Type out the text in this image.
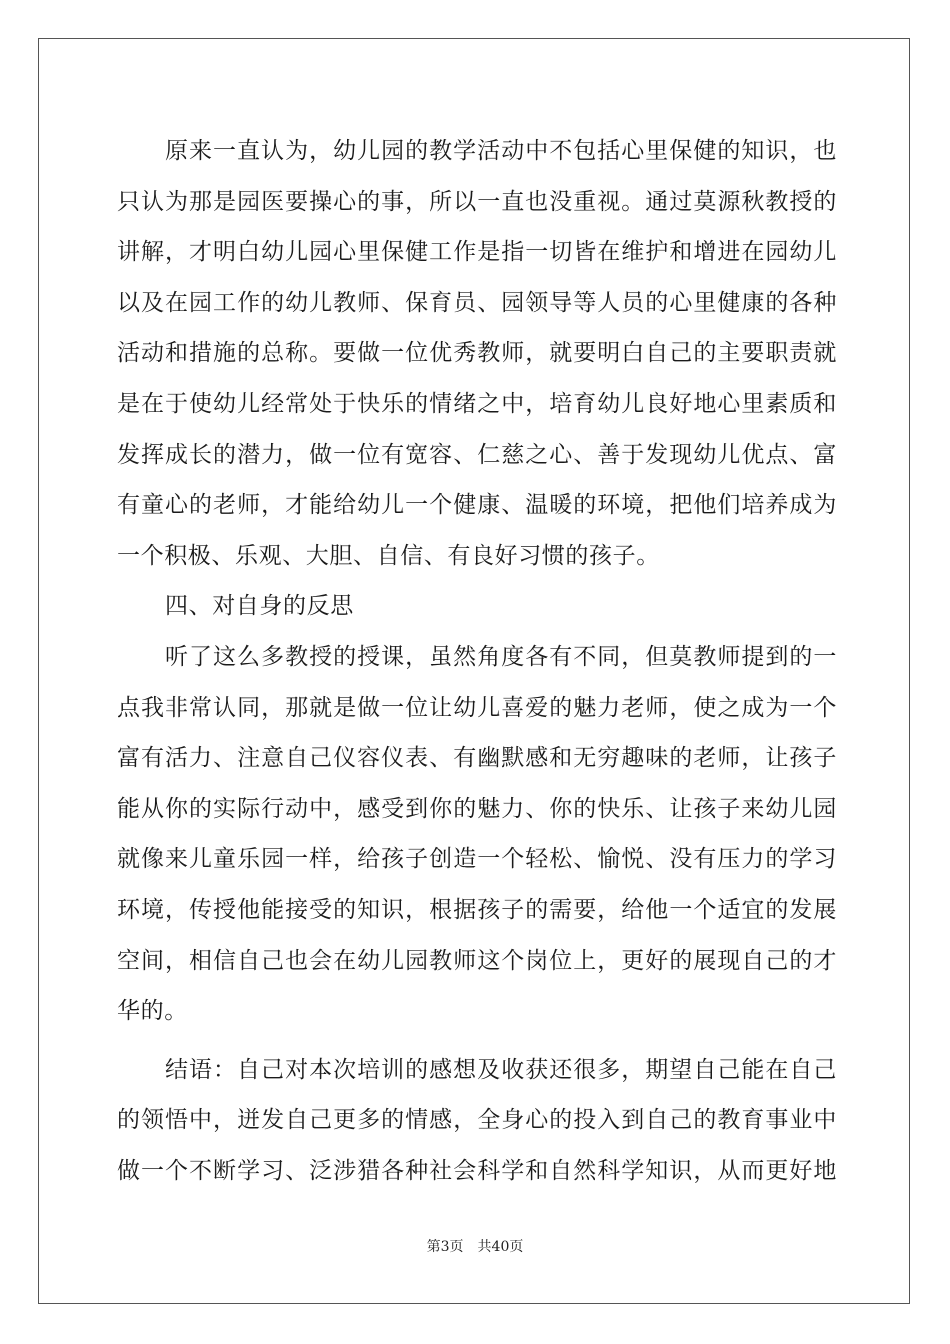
原来一直认为，幼儿园的教学活动中不包括心里保健的知识，也
只认为那是园医要操心的事，所以一直也没重视。通过莫源秋教授的
讲解，才明白幼儿园心里保健工作是指一切皆在维护和增进在园幼儿
以及在园工作的幼儿教师、保育员、园领导等人员的心里健康的各种
活动和措施的总称。要做一位优秀教师，就要明白自己的主要职责就
是在于使幼儿经常处于快乐的情绪之中，培育幼儿良好地心里素质和
发挥成长的潜力，做一位有宽容、仁慈之心、善于发现幼儿优点、富
有童心的老师，才能给幼儿一个健康、温暖的环境，把他们培养成为
一个积极、乐观、大胆、自信、有良好习惯的孩子。
四、对自身的反思
听了这么多教授的授课，虽然角度各有不同，但莫教师提到的一
点我非常认同，那就是做一位让幼儿喜爱的魅力老师，使之成为一个
富有活力、注意自己仪容仪表、有幽默感和无穷趣味的老师，让孩子
能从你的实际行动中，感受到你的魅力、你的快乐、让孩子来幼儿园
就像来儿童乐园一样，给孩子创造一个轻松、愉悦、没有压力的学习
环境，传授他能接受的知识，根据孩子的需要，给他一个适宜的发展
空间，相信自己也会在幼儿园教师这个岗位上，更好的展现自己的才
华的。
结语：自己对本次培训的感想及收获还很多，期望自己能在自己
的领悟中，迸发自己更多的情感，全身心的投入到自己的教育事业中
做一个不断学习、泛涉猎各种社会科学和自然科学知识，从而更好地
第3页 共40页
